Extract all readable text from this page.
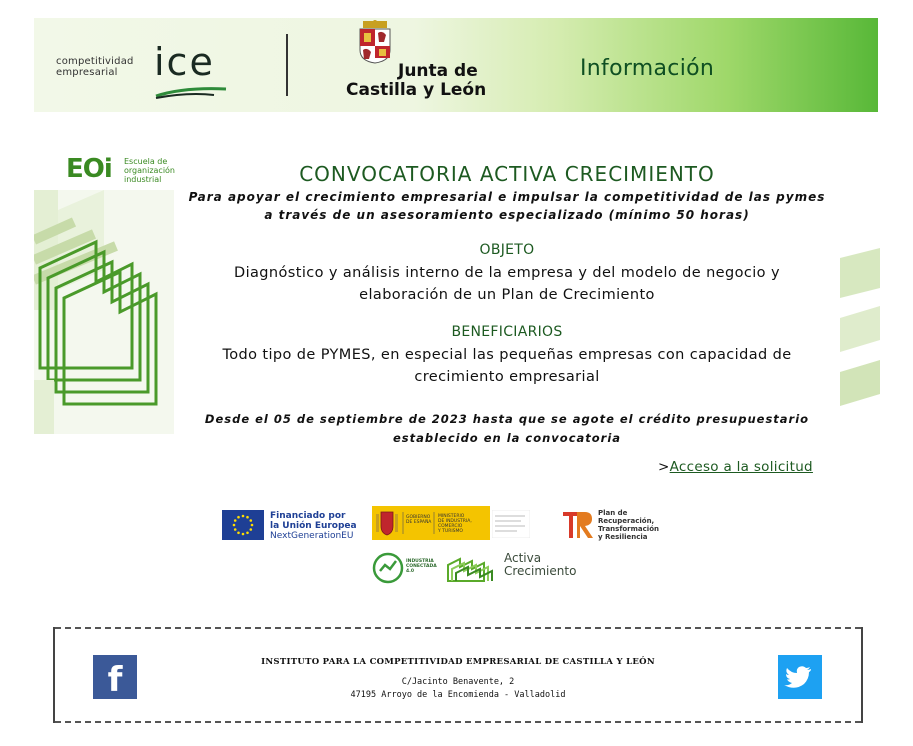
competitividad
empresarial ice	Junta de
Castilla y León
Información
EOi Escuela de
organización
industrial	CONVOCATORIA ACTIVA CRECIMIENTO
Para apoyar el crecimiento empresarial e impulsar la competitividad de las pymes
a través de un asesoramiento especializado (mínimo 50 horas)
OBJETO
Diagnóstico y análisis interno de la empresa y del modelo de negocio y
elaboración de un Plan de Crecimiento
BENEFICIARIOS
Todo tipo de PYMES, en especial las pequeñas empresas con capacidad de
crecimiento empresarial
Desde el 05 de septiembre de 2023 hasta que se agote el crédito presupuestario
establecido en la convocatoria
>Acceso a la solicitud
Financiado por
la Unión Europea
NextGenerationEU
GOBIERNO
DE ESPAÑA
MINISTERIO
DE INDUSTRIA, COMERCIO
Y TURISMO
Plan de
Recuperación,
Transformación
y Resiliencia
INDUSTRIA
CONECTADA
4.0
Activa
Crecimiento
f	INSTITUTO PARA LA COMPETITIVIDAD EMPRESARIAL DE CASTILLA Y LEÓN
C/Jacinto Benavente, 2
47195 Arroyo de la Encomienda - Valladolid
